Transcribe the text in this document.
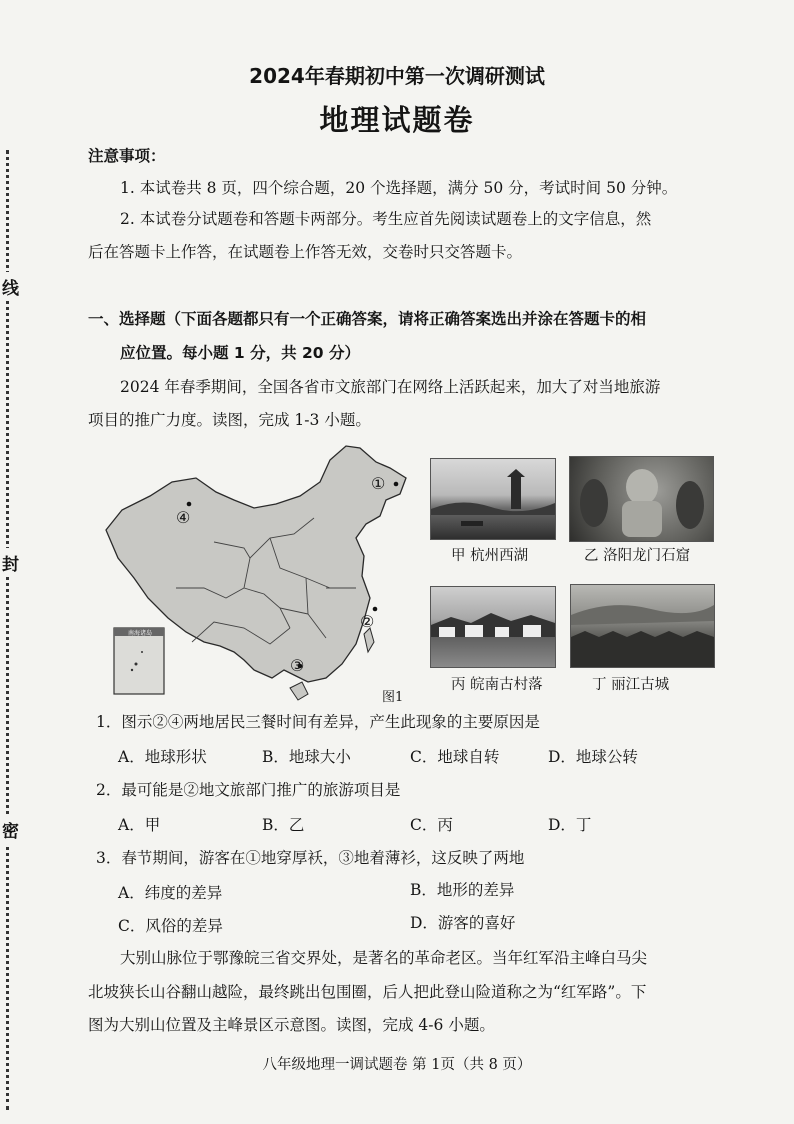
线
封
密
2024年春期初中第一次调研测试
地理试题卷
注意事项：
1. 本试卷共 8 页，四个综合题，20 个选择题，满分 50 分，考试时间 50 分钟。
2. 本试卷分试题卷和答题卡两部分。考生应首先阅读试题卷上的文字信息，然
后在答题卡上作答，在试题卷上作答无效，交卷时只交答题卡。
一、选择题（下面各题都只有一个正确答案，请将正确答案选出并涂在答题卡的相
应位置。每小题 1 分，共 20 分）
2024 年春季期间，全国各省市文旅部门在网络上活跃起来，加大了对当地旅游
项目的推广力度。读图，完成 1-3 小题。
南海诸岛
①
②
③
④
图1
甲 杭州西湖	乙 洛阳龙门石窟
丙 皖南古村落	丁 丽江古城
1．图示②④两地居民三餐时间有差异，产生此现象的主要原因是
A．地球形状	B．地球大小	C．地球自转	D．地球公转
2．最可能是②地文旅部门推广的旅游项目是
A．甲	B．乙	C．丙	D．丁
3．春节期间，游客在①地穿厚袄，③地着薄衫，这反映了两地
A．纬度的差异	B．地形的差异
C．风俗的差异	D．游客的喜好
大别山脉位于鄂豫皖三省交界处，是著名的革命老区。当年红军沿主峰白马尖
北坡狭长山谷翻山越险，最终跳出包围圈，后人把此登山险道称之为“红军路”。下
图为大别山位置及主峰景区示意图。读图，完成 4-6 小题。
八年级地理一调试题卷 第 1页（共 8 页）
